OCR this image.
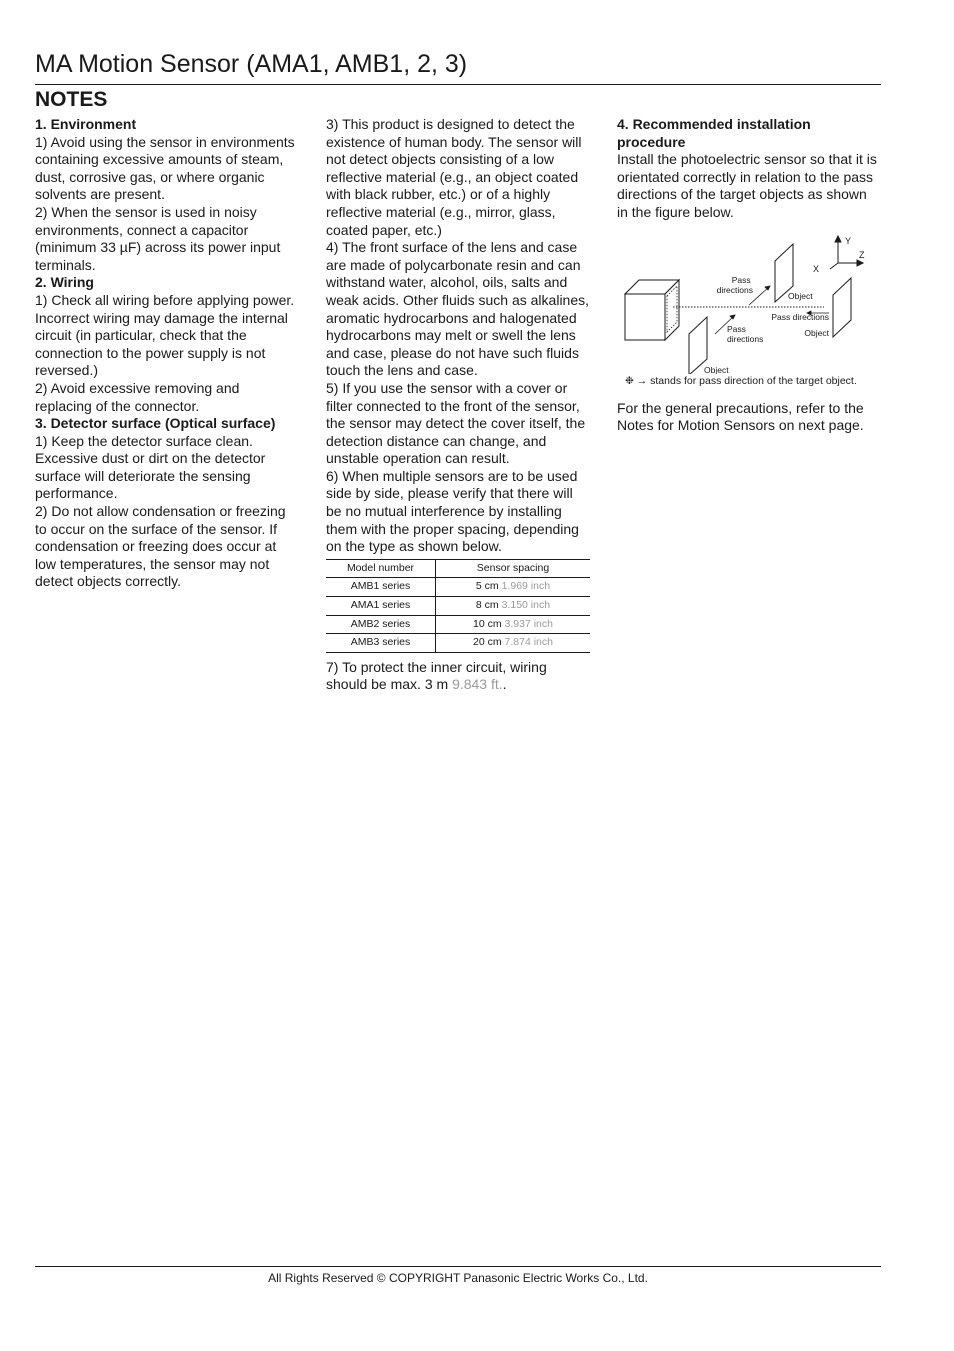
MA Motion Sensor (AMA1, AMB1, 2, 3)
NOTES

1. Environment

1) Avoid using the sensor in environments containing excessive amounts of steam, dust, corrosive gas, or where organic solvents are present.

2) When the sensor is used in noisy environments, connect a capacitor (minimum 33 µF) across its power input terminals.

2. Wiring

1) Check all wiring before applying power. Incorrect wiring may damage the internal circuit (in particular, check that the connection to the power supply is not reversed.)

2) Avoid excessive removing and replacing of the connector.

3. Detector surface (Optical surface)

1) Keep the detector surface clean. Excessive dust or dirt on the detector surface will deteriorate the sensing performance.

2) Do not allow condensation or freezing to occur on the surface of the sensor. If condensation or freezing does occur at low temperatures, the sensor may not detect objects correctly.

3) This product is designed to detect the existence of human body. The sensor will not detect objects consisting of a low reflective material (e.g., an object coated with black rubber, etc.) or of a highly reflective material (e.g., mirror, glass, coated paper, etc.)

4) The front surface of the lens and case are made of polycarbonate resin and can withstand water, alcohol, oils, salts and weak acids. Other fluids such as alkalines, aromatic hydrocarbons and halogenated hydrocarbons may melt or swell the lens and case, please do not have such fluids touch the lens and case.

5) If you use the sensor with a cover or filter connected to the front of the sensor, the sensor may detect the cover itself, the detection distance can change, and unstable operation can result.

6) When multiple sensors are to be used side by side, please verify that there will be no mutual interference by installing them with the proper spacing, depending on the type as shown below.

Model number	Sensor spacing
AMB1 series	5 cm 1.969 inch
AMA1 series	8 cm 3.150 inch
AMB2 series	10 cm 3.937 inch
AMB3 series	20 cm 7.874 inch

7) To protect the inner circuit, wiring should be max. 3 m 9.843 ft..

4. Recommended installation procedure

Install the photoelectric sensor so that it is orientated correctly in relation to the pass directions of the target objects as shown in the figure below.

Y
Z
X
Pass directions
Object
Pass directions
Object
Pass directions
Object

❉ → stands for pass direction of the target object.

For the general precautions, refer to the Notes for Motion Sensors on next page.

All Rights Reserved © COPYRIGHT Panasonic Electric Works Co., Ltd.
